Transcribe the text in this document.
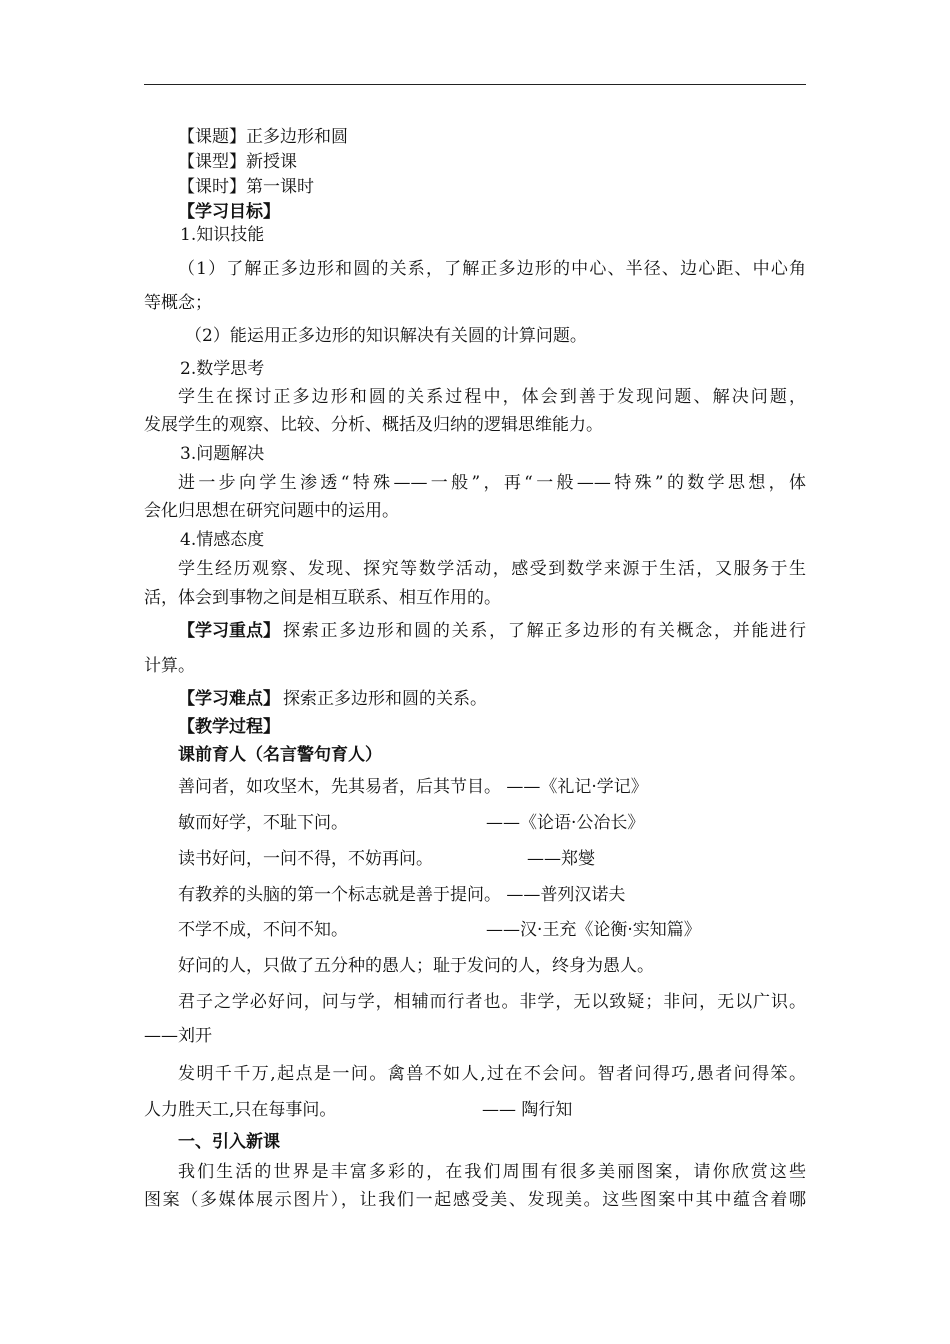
【课题】正多边形和圆
【课型】新授课
【课时】第一课时
【学习目标】
1.知识技能
（1）了解正多边形和圆的关系，了解正多边形的中心、半径、边心距、中心角
等概念；
（2）能运用正多边形的知识解决有关圆的计算问题。
2.数学思考
学生在探讨正多边形和圆的关系过程中，体会到善于发现问题、解决问题，
发展学生的观察、比较、分析、概括及归纳的逻辑思维能力。
3.问题解决
进一步向学生渗透“特殊——一般”，再“一般——特殊”的数学思想，体
会化归思想在研究问题中的运用。
4.情感态度
学生经历观察、发现、探究等数学活动，感受到数学来源于生活，又服务于生
活，体会到事物之间是相互联系、相互作用的。
【学习重点】 探索正多边形和圆的关系，了解正多边形的有关概念，并能进行
计算。
【学习难点】 探索正多边形和圆的关系。
【教学过程】
课前育人（名言警句育人）
善问者，如攻坚木，先其易者，后其节目。 ——《礼记·学记》
敏而好学，不耻下问。	——《论语·公冶长》
读书好问，一问不得，不妨再问。	——郑燮
有教养的头脑的第一个标志就是善于提问。 ——普列汉诺夫
不学不成，不问不知。	——汉·王充《论衡·实知篇》
好问的人，只做了五分种的愚人；耻于发问的人，终身为愚人。
君子之学必好问，问与学，相辅而行者也。非学，无以致疑；非问，无以广识。
——刘开
发明千千万,起点是一问。禽兽不如人,过在不会问。智者问得巧,愚者问得笨。
人力胜天工,只在每事问。	—— 陶行知
一、引入新课
我们生活的世界是丰富多彩的，在我们周围有很多美丽图案，请你欣赏这些
图案（多媒体展示图片），让我们一起感受美、发现美。这些图案中其中蕴含着哪
